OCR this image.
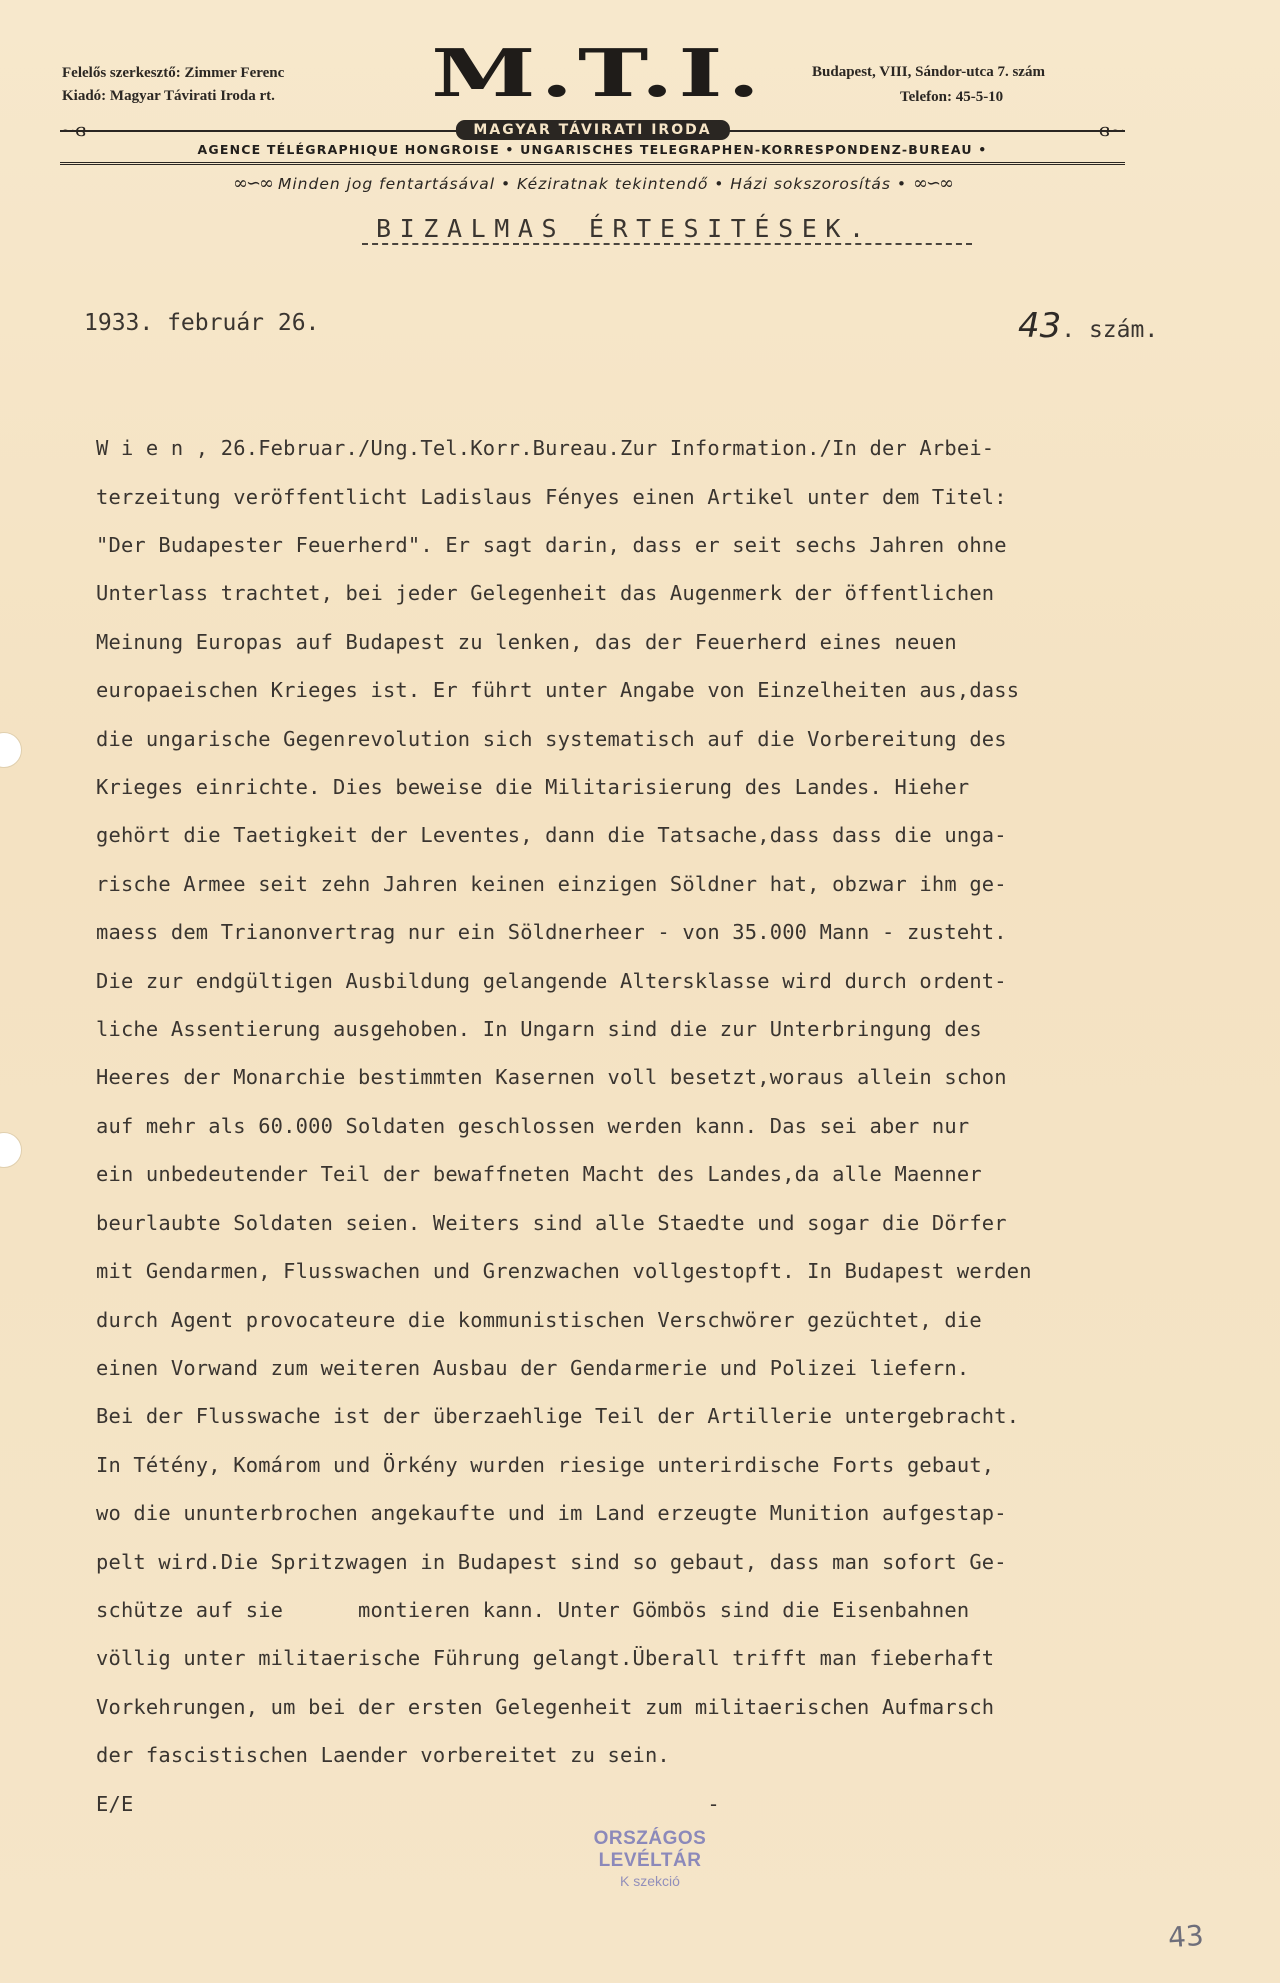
Felelős szerkesztő: Zimmer Ferenc
Kiadó: Magyar Távirati Iroda rt.	M.T.I.	Budapest, VIII, Sándor-utca 7. szám
Telefon: 45-5-10
~ɞ	MAGYAR TÁVIRATI IRODA	ɞ~
AGENCE TÉLÉGRAPHIQUE HONGROISE • UNGARISCHES TELEGRAPHEN-KORRESPONDENZ-BUREAU •
∞∽∞ Minden jog fentartásával • Kéziratnak tekintendő • Házi sokszorosítás • ∞∽∞
BIZALMAS ÉRTESITÉSEK.
1933. február 26.	43. szám.

W i e n , 26.Februar./Ung.Tel.Korr.Bureau.Zur Information./In der Arbei-

terzeitung veröffentlicht Ladislaus Fényes einen Artikel unter dem Titel:

"Der Budapester Feuerherd". Er sagt darin, dass er seit sechs Jahren ohne

Unterlass trachtet, bei jeder Gelegenheit das Augenmerk der öffentlichen

Meinung Europas auf Budapest zu lenken, das der Feuerherd eines neuen

europaeischen Krieges ist. Er führt unter Angabe von Einzelheiten aus,dass

die ungarische Gegenrevolution sich systematisch auf die Vorbereitung des

Krieges einrichte. Dies beweise die Militarisierung des Landes. Hieher

gehört die Taetigkeit der Leventes, dann die Tatsache,dass dass die unga-

rische Armee seit zehn Jahren keinen einzigen Söldner hat, obzwar ihm ge-

maess dem Trianonvertrag nur ein Söldnerheer - von 35.000 Mann - zusteht.

Die zur endgültigen Ausbildung gelangende Altersklasse wird durch ordent-

liche Assentierung ausgehoben. In Ungarn sind die zur Unterbringung des

Heeres der Monarchie bestimmten Kasernen voll besetzt,woraus allein schon

auf mehr als 60.000 Soldaten geschlossen werden kann. Das sei aber nur

ein unbedeutender Teil der bewaffneten Macht des Landes,da alle Maenner

beurlaubte Soldaten seien. Weiters sind alle Staedte und sogar die Dörfer

mit Gendarmen, Flusswachen und Grenzwachen vollgestopft. In Budapest werden

durch Agent provocateure die kommunistischen Verschwörer gezüchtet, die

einen Vorwand zum weiteren Ausbau der Gendarmerie und Polizei liefern.

Bei der Flusswache ist der überzaehlige Teil der Artillerie untergebracht.

In Tétény, Komárom und Örkény wurden riesige unterirdische Forts gebaut,

wo die ununterbrochen angekaufte und im Land erzeugte Munition aufgestap-

pelt wird.Die Spritzwagen in Budapest sind so gebaut, dass man sofort Ge-

schütze auf sie      montieren kann. Unter Gömbös sind die Eisenbahnen

völlig unter militaerische Führung gelangt.Überall trifft man fieberhaft

Vorkehrungen, um bei der ersten Gelegenheit zum militaerischen Aufmarsch

der fascistischen Laender vorbereitet zu sein.

E/E                                              -

ORSZÁGOS LEVÉLTÁR
K szekció
43
